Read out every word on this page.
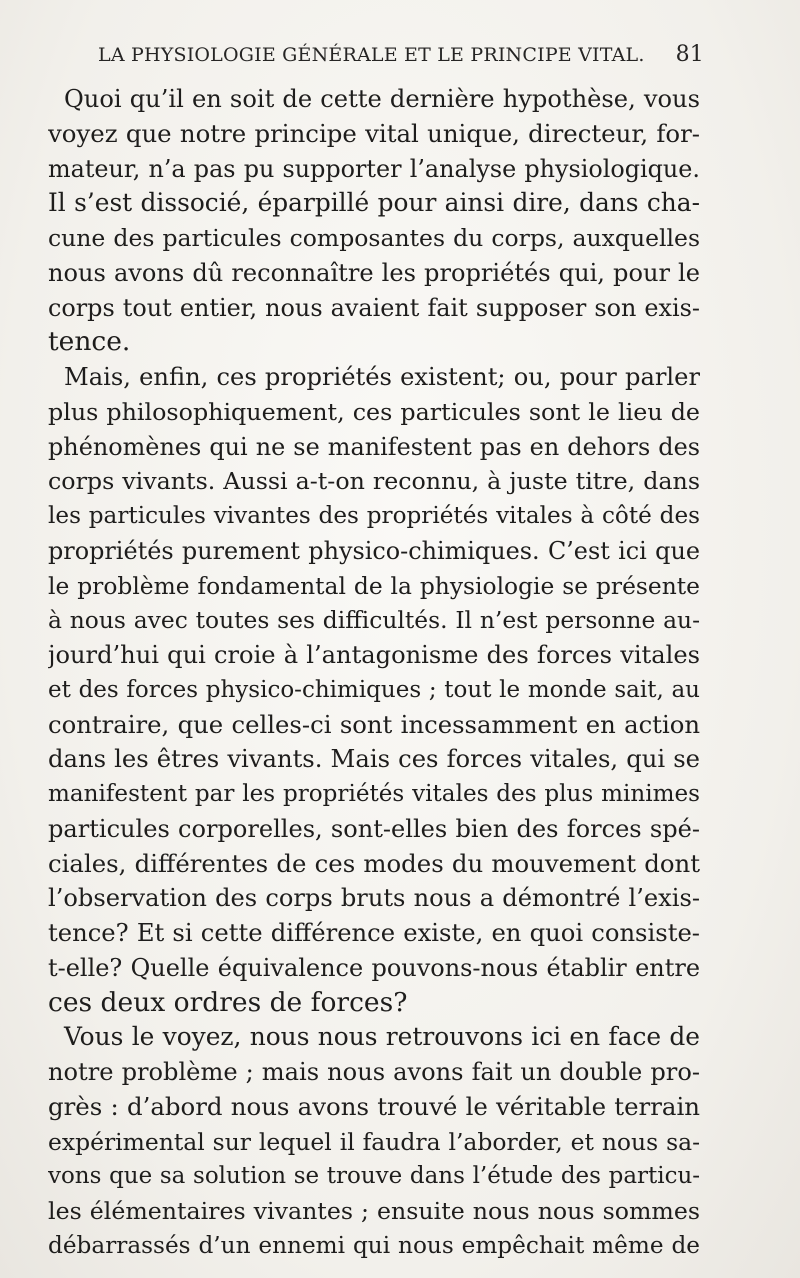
LA PHYSIOLOGIE GÉNÉRALE ET LE PRINCIPE VITAL. 81
Quoi qu’il en soit de cette dernière hypothèse, vous
voyez que notre principe vital unique, directeur, for-
mateur, n’a pas pu supporter l’analyse physiologique.
Il s’est dissocié, éparpillé pour ainsi dire, dans cha-
cune des particules composantes du corps, auxquelles
nous avons dû reconnaître les propriétés qui, pour le
corps tout entier, nous avaient fait supposer son exis-
tence.
Mais, enfin, ces propriétés existent; ou, pour parler
plus philosophiquement, ces particules sont le lieu de
phénomènes qui ne se manifestent pas en dehors des
corps vivants. Aussi a-t-on reconnu, à juste titre, dans
les particules vivantes des propriétés vitales à côté des
propriétés purement physico-chimiques. C’est ici que
le problème fondamental de la physiologie se présente
à nous avec toutes ses difficultés. Il n’est personne au-
jourd’hui qui croie à l’antagonisme des forces vitales
et des forces physico-chimiques ; tout le monde sait, au
contraire, que celles-ci sont incessamment en action
dans les êtres vivants. Mais ces forces vitales, qui se
manifestent par les propriétés vitales des plus minimes
particules corporelles, sont-elles bien des forces spé-
ciales, différentes de ces modes du mouvement dont
l’observation des corps bruts nous a démontré l’exis-
tence? Et si cette différence existe, en quoi consiste-
t-elle? Quelle équivalence pouvons-nous établir entre
ces deux ordres de forces?
Vous le voyez, nous nous retrouvons ici en face de
notre problème ; mais nous avons fait un double pro-
grès : d’abord nous avons trouvé le véritable terrain
expérimental sur lequel il faudra l’aborder, et nous sa-
vons que sa solution se trouve dans l’étude des particu-
les élémentaires vivantes ; ensuite nous nous sommes
débarrassés d’un ennemi qui nous empêchait même de
